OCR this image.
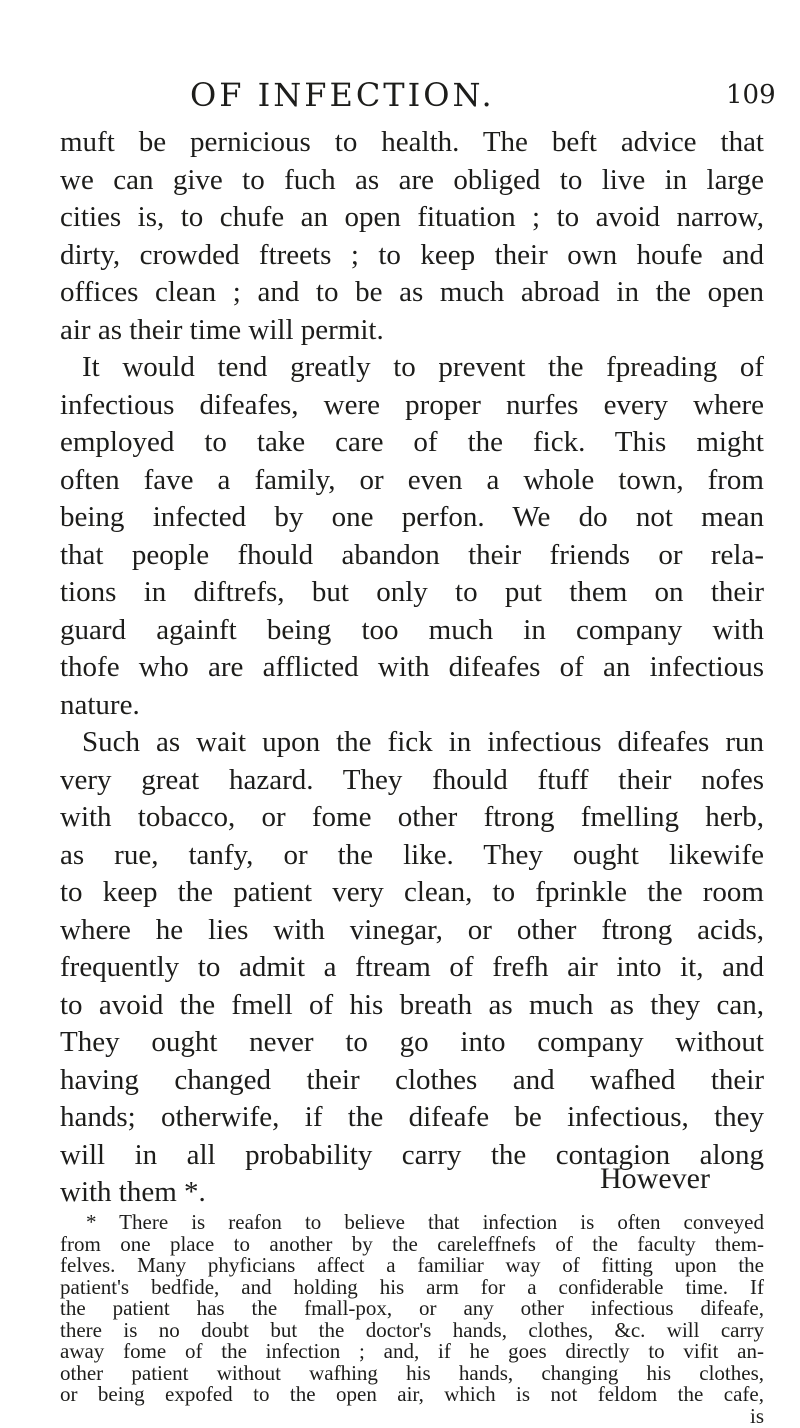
OF INFECTION.	109
muft be pernicious to health. The beft advice that
we can give to fuch as are obliged to live in large
cities is, to chufe an open fituation ; to avoid narrow,
dirty, crowded ftreets ; to keep their own houfe and
offices clean ; and to be as much abroad in the open
air as their time will permit.
It would tend greatly to prevent the fpreading of
infectious difeafes, were proper nurfes every where
employed to take care of the fick. This might
often fave a family, or even a whole town, from
being infected by one perfon. We do not mean
that people fhould abandon their friends or rela-
tions in diftrefs, but only to put them on their
guard againft being too much in company with
thofe who are afflicted with difeafes of an infectious
nature.
Such as wait upon the fick in infectious difeafes run
very great hazard. They fhould ftuff their nofes
with tobacco, or fome other ftrong fmelling herb,
as rue, tanfy, or the like. They ought likewife
to keep the patient very clean, to fprinkle the room
where he lies with vinegar, or other ftrong acids,
frequently to admit a ftream of frefh air into it, and
to avoid the fmell of his breath as much as they can,
They ought never to go into company without
having changed their clothes and wafhed their
hands; otherwife, if the difeafe be infectious, they
will in all probability carry the contagion along
with them *.	However
* There is reafon to believe that infection is often conveyed
from one place to another by the careleffnefs of the faculty them-
felves. Many phyficians affect a familiar way of fitting upon the
patient's bedfide, and holding his arm for a confiderable time. If
the patient has the fmall-pox, or any other infectious difeafe,
there is no doubt but the doctor's hands, clothes, &c. will carry
away fome of the infection ; and, if he goes directly to vifit an-
other patient without wafhing his hands, changing his clothes,
or being expofed to the open air, which is not feldom the cafe,
is
